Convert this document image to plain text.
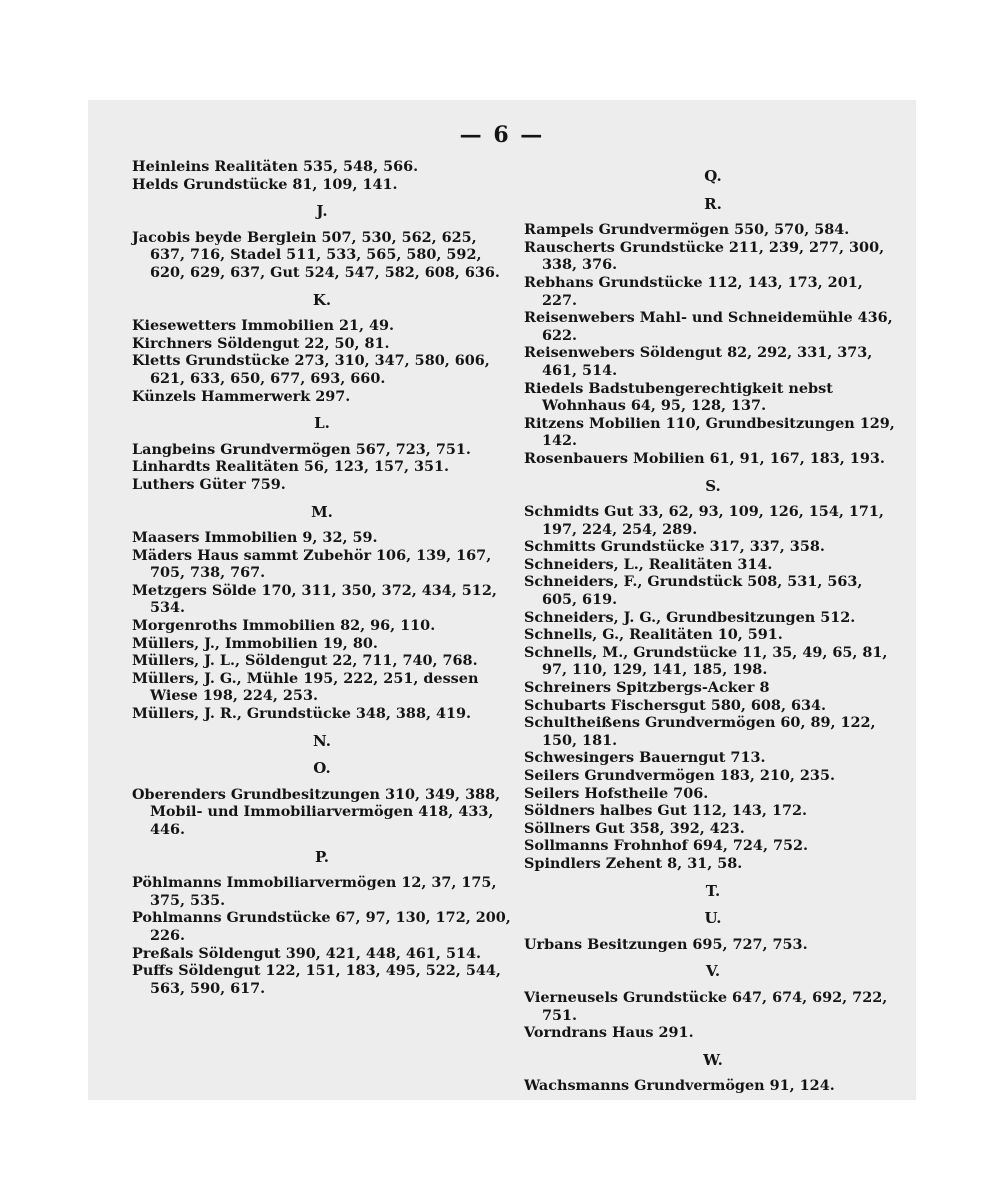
— 6 —
Heinleins Realitäten 535, 548, 566.
Helds Grundstücke 81, 109, 141.
J.
Jacobis beyde Berglein 507, 530, 562, 625, 637, 716, Stadel 511, 533, 565, 580, 592, 620, 629, 637, Gut 524, 547, 582, 608, 636.
K.
Kiesewetters Immobilien 21, 49.
Kirchners Söldengut 22, 50, 81.
Kletts Grundstücke 273, 310, 347, 580, 606, 621, 633, 650, 677, 693, 660.
Künzels Hammerwerk 297.
L.
Langbeins Grundvermögen 567, 723, 751.
Linhardts Realitäten 56, 123, 157, 351.
Luthers Güter 759.
M.
Maasers Immobilien 9, 32, 59.
Mäders Haus sammt Zubehör 106, 139, 167, 705, 738, 767.
Metzgers Sölde 170, 311, 350, 372, 434, 512, 534.
Morgenroths Immobilien 82, 96, 110.
Müllers, J., Immobilien 19, 80.
Müllers, J. L., Söldengut 22, 711, 740, 768.
Müllers, J. G., Mühle 195, 222, 251, dessen Wiese 198, 224, 253.
Müllers, J. R., Grundstücke 348, 388, 419.
N.
O.
Oberenders Grundbesitzungen 310, 349, 388, Mobil- und Immobiliarvermögen 418, 433, 446.
P.
Pöhlmanns Immobiliarvermögen 12, 37, 175, 375, 535.
Pohlmanns Grundstücke 67, 97, 130, 172, 200, 226.
Preßals Söldengut 390, 421, 448, 461, 514.
Puffs Söldengut 122, 151, 183, 495, 522, 544, 563, 590, 617.
Q.
R.
Rampels Grundvermögen 550, 570, 584.
Rauscherts Grundstücke 211, 239, 277, 300, 338, 376.
Rebhans Grundstücke 112, 143, 173, 201, 227.
Reisenwebers Mahl- und Schneidemühle 436, 622.
Reisenwebers Söldengut 82, 292, 331, 373, 461, 514.
Riedels Badstubengerechtigkeit nebst Wohnhaus 64, 95, 128, 137.
Ritzens Mobilien 110, Grundbesitzungen 129, 142.
Rosenbauers Mobilien 61, 91, 167, 183, 193.
S.
Schmidts Gut 33, 62, 93, 109, 126, 154, 171, 197, 224, 254, 289.
Schmitts Grundstücke 317, 337, 358.
Schneiders, L., Realitäten 314.
Schneiders, F., Grundstück 508, 531, 563, 605, 619.
Schneiders, J. G., Grundbesitzungen 512.
Schnells, G., Realitäten 10, 591.
Schnells, M., Grundstücke 11, 35, 49, 65, 81, 97, 110, 129, 141, 185, 198.
Schreiners Spitzbergs-Acker 8
Schubarts Fischersgut 580, 608, 634.
Schultheißens Grundvermögen 60, 89, 122, 150, 181.
Schwesingers Bauerngut 713.
Seilers Grundvermögen 183, 210, 235.
Seilers Hofstheile 706.
Söldners halbes Gut 112, 143, 172.
Söllners Gut 358, 392, 423.
Sollmanns Frohnhof 694, 724, 752.
Spindlers Zehent 8, 31, 58.
T.
U.
Urbans Besitzungen 695, 727, 753.
V.
Vierneusels Grundstücke 647, 674, 692, 722, 751.
Vorndrans Haus 291.
W.
Wachsmanns Grundvermögen 91, 124.
